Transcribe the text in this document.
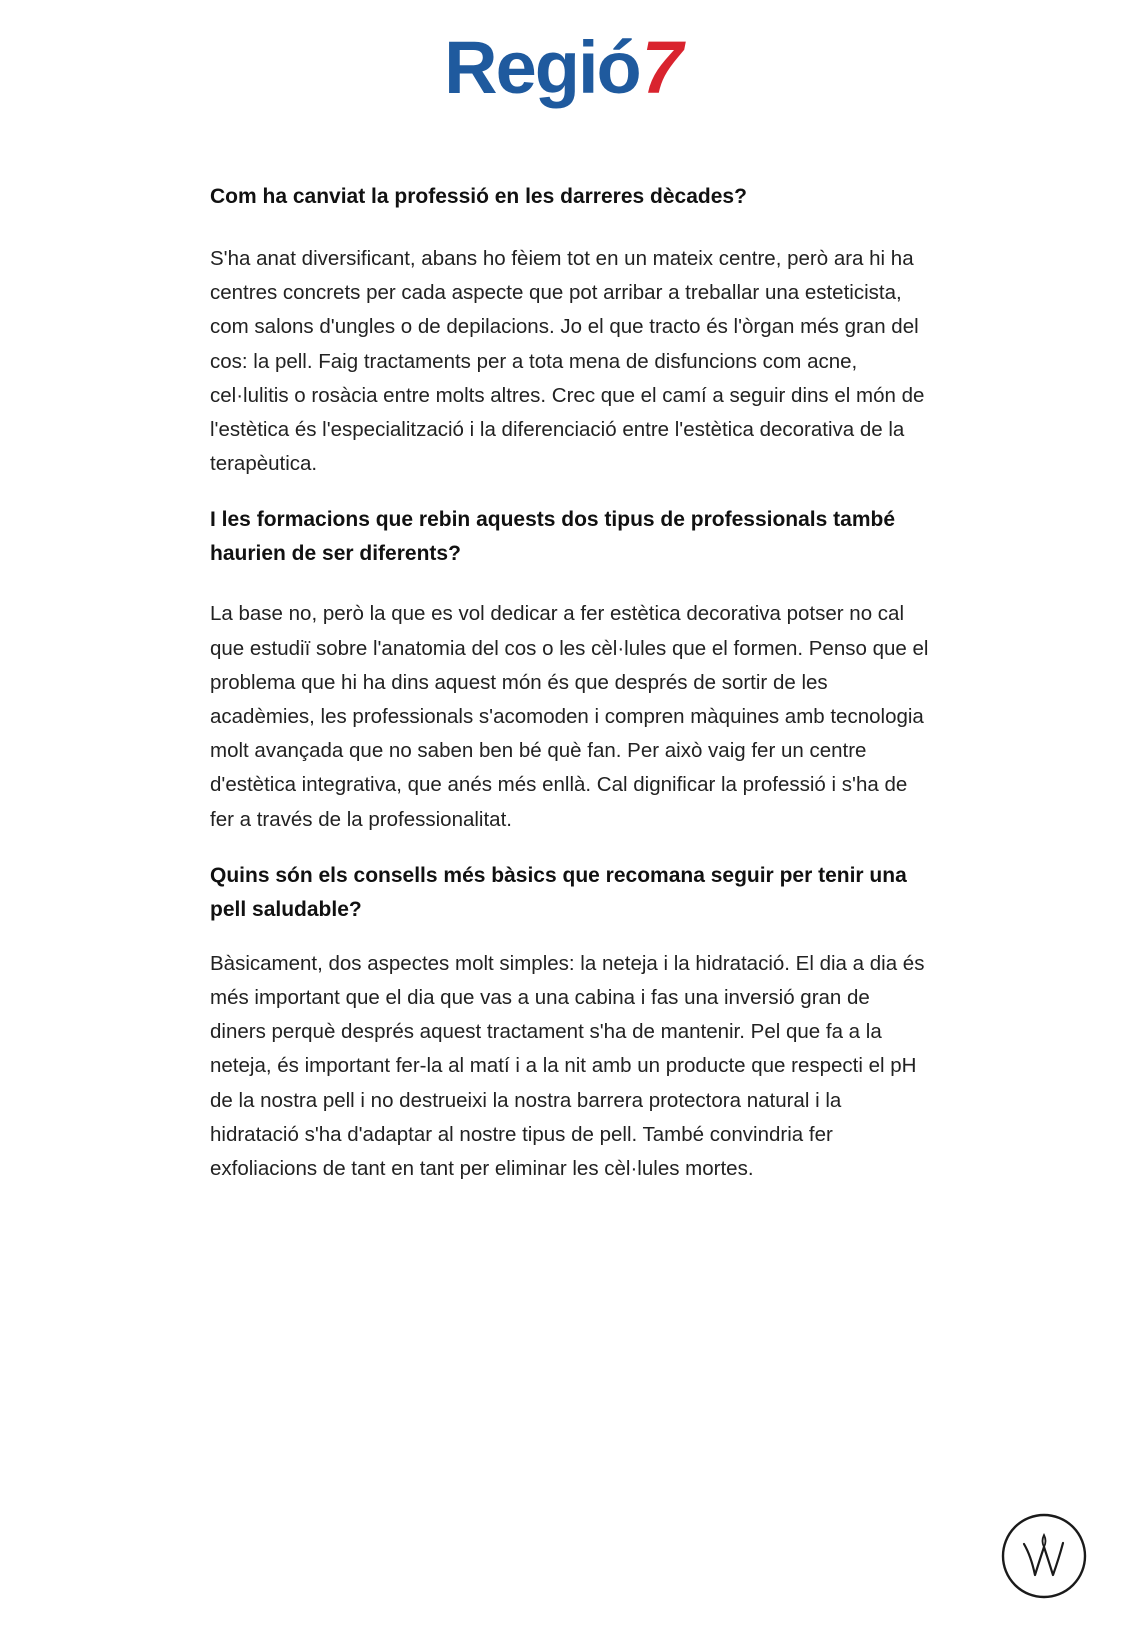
Regió7

Com ha canviat la professió en les darreres dècades?

S'ha anat diversificant, abans ho fèiem tot en un mateix centre, però ara hi ha centres concrets per cada aspecte que pot arribar a treballar una esteticista, com salons d'ungles o de depilacions. Jo el que tracto és l'òrgan més gran del cos: la pell. Faig tractaments per a tota mena de disfuncions com acne, cel·lulitis o rosàcia entre molts altres. Crec que el camí a seguir dins el món de l'estètica és l'especialització i la diferenciació entre l'estètica decorativa de la terapèutica.

I les formacions que rebin aquests dos tipus de professionals també haurien de ser diferents?

La base no, però la que es vol dedicar a fer estètica decorativa potser no cal que estudiï sobre l'anatomia del cos o les cèl·lules que el formen. Penso que el problema que hi ha dins aquest món és que després de sortir de les acadèmies, les professionals s'acomoden i compren màquines amb tecnologia molt avançada que no saben ben bé què fan. Per això vaig fer un centre d'estètica integrativa, que anés més enllà. Cal dignificar la professió i s'ha de fer a través de la professionalitat.

Quins són els consells més bàsics que recomana seguir per tenir una pell saludable?

Bàsicament, dos aspectes molt simples: la neteja i la hidratació. El dia a dia és més important que el dia que vas a una cabina i fas una inversió gran de diners perquè després aquest tractament s'ha de mantenir. Pel que fa a la neteja, és important fer-la al matí i a la nit amb un producte que respecti el pH de la nostra pell i no destrueixi la nostra barrera protectora natural i la hidratació s'ha d'adaptar al nostre tipus de pell. També convindria fer exfoliacions de tant en tant per eliminar les cèl·lules mortes.
